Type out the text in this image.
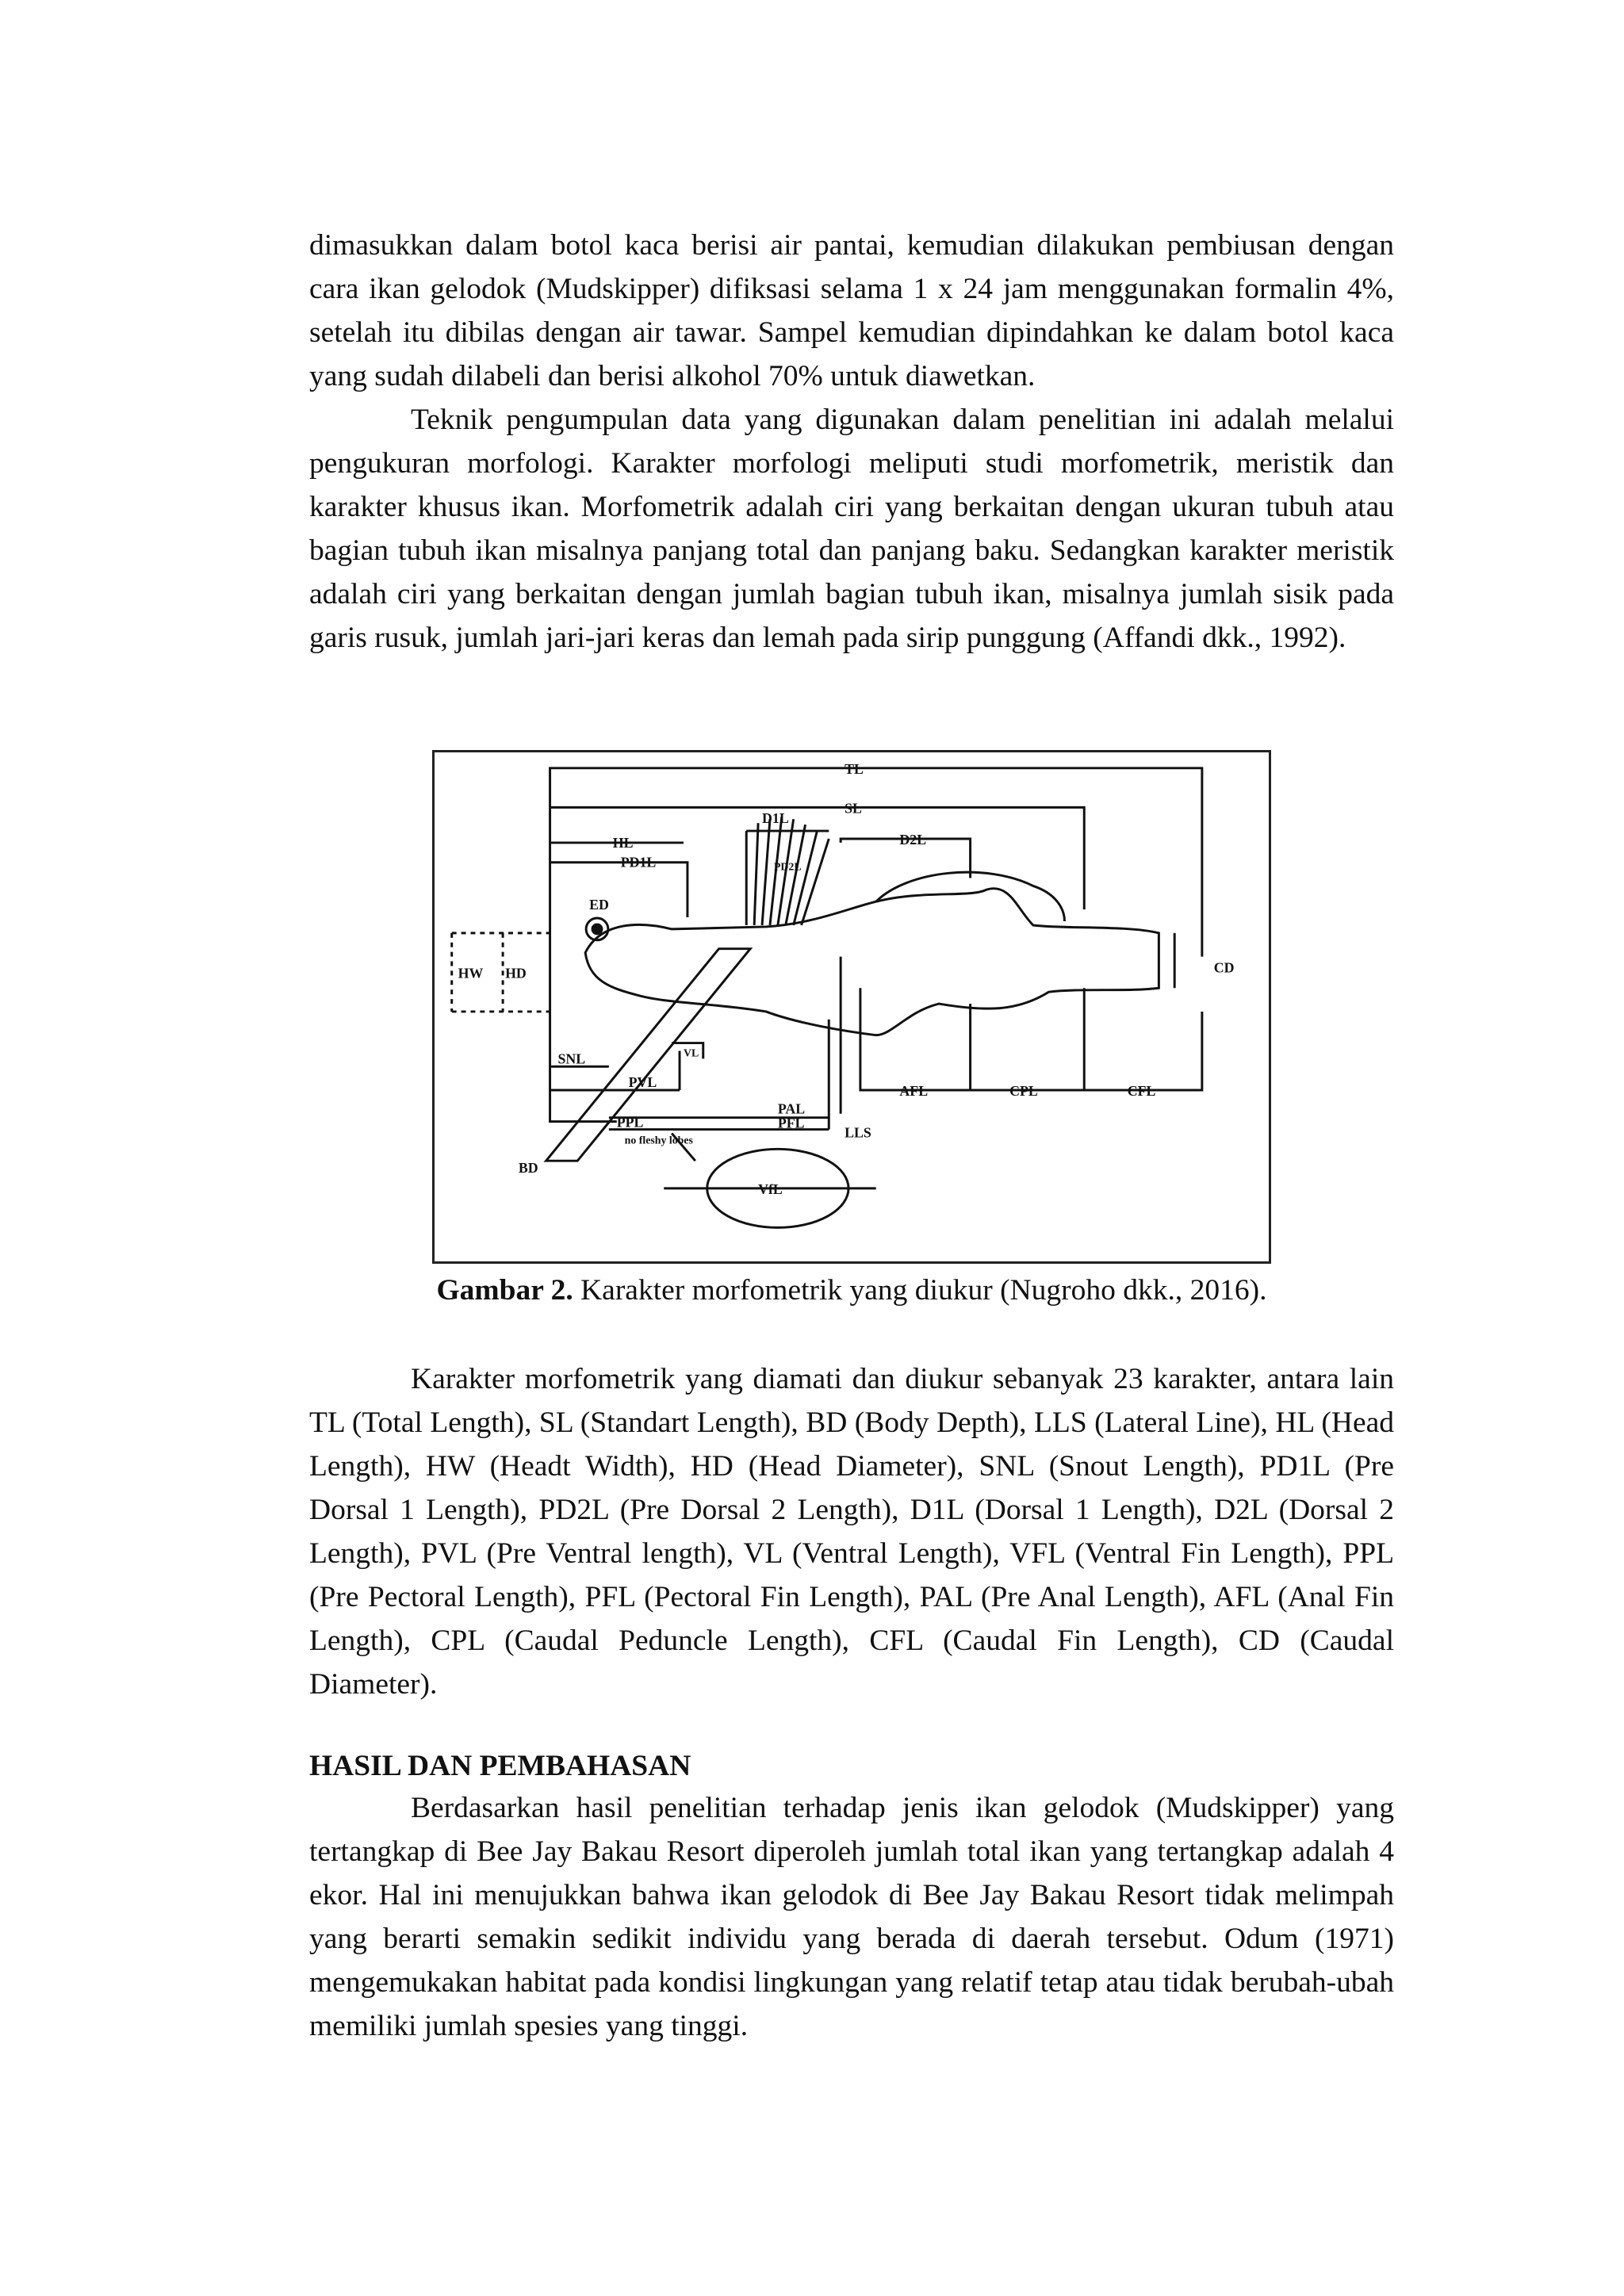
dimasukkan dalam botol kaca berisi air pantai, kemudian dilakukan pembiusan dengan cara ikan gelodok (Mudskipper) difiksasi selama 1 x 24 jam menggunakan formalin 4%, setelah itu dibilas dengan air tawar. Sampel kemudian dipindahkan ke dalam botol kaca yang sudah dilabeli dan berisi alkohol 70% untuk diawetkan.

Teknik pengumpulan data yang digunakan dalam penelitian ini adalah melalui pengukuran morfologi. Karakter morfologi meliputi studi morfometrik, meristik dan karakter khusus ikan. Morfometrik adalah ciri yang berkaitan dengan ukuran tubuh atau bagian tubuh ikan misalnya panjang total dan panjang baku. Sedangkan karakter meristik adalah ciri yang berkaitan dengan jumlah bagian tubuh ikan, misalnya jumlah sisik pada garis rusuk, jumlah jari-jari keras dan lemah pada sirip punggung (Affandi dkk., 1992).

TL
SL
D1L
D2L
HL
PD1L	PD2L
ED
HW HD	CD
SNL	VL
PVL
PAL
PPL	PFL
AFL	CPL	CFL
LLS
BD
VfL
no fleshy lobes
Gambar 2. Karakter morfometrik yang diukur (Nugroho dkk., 2016).

Karakter morfometrik yang diamati dan diukur sebanyak 23 karakter, antara lain TL (Total Length), SL (Standart Length), BD (Body Depth), LLS (Lateral Line), HL (Head Length), HW (Headt Width), HD (Head Diameter), SNL (Snout Length), PD1L (Pre Dorsal 1 Length), PD2L (Pre Dorsal 2 Length), D1L (Dorsal 1 Length), D2L (Dorsal 2 Length), PVL (Pre Ventral length), VL (Ventral Length), VFL (Ventral Fin Length), PPL (Pre Pectoral Length), PFL (Pectoral Fin Length), PAL (Pre Anal Length), AFL (Anal Fin Length), CPL (Caudal Peduncle Length), CFL (Caudal Fin Length), CD (Caudal Diameter).

HASIL DAN PEMBAHASAN

Berdasarkan hasil penelitian terhadap jenis ikan gelodok (Mudskipper) yang tertangkap di Bee Jay Bakau Resort diperoleh jumlah total ikan yang tertangkap adalah 4 ekor. Hal ini menujukkan bahwa ikan gelodok di Bee Jay Bakau Resort tidak melimpah yang berarti semakin sedikit individu yang berada di daerah tersebut. Odum (1971) mengemukakan habitat pada kondisi lingkungan yang relatif tetap atau tidak berubah-ubah memiliki jumlah spesies yang tinggi.
